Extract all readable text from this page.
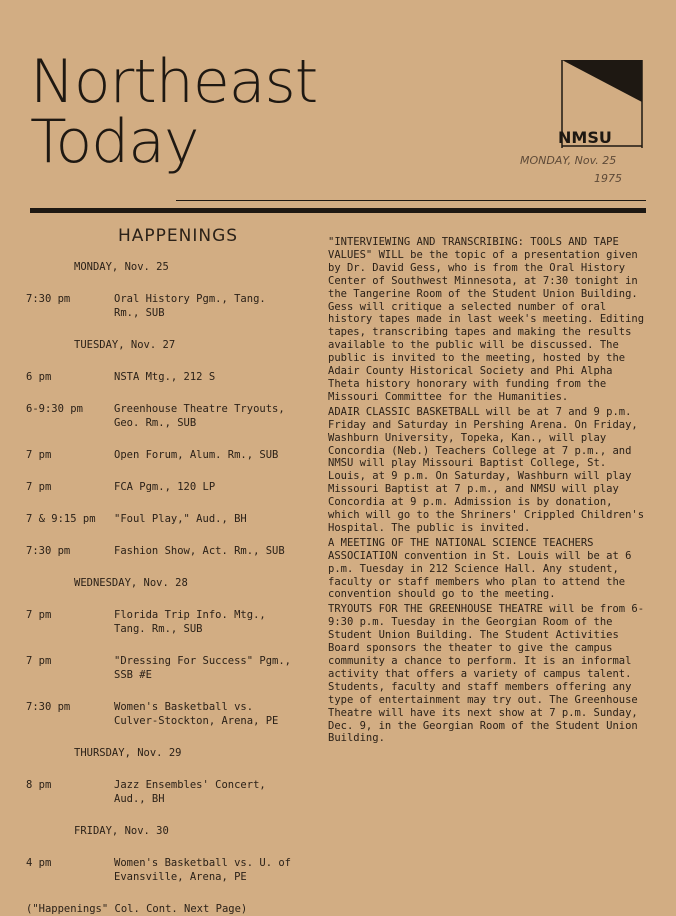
Northeast
Today	NMSU
MONDAY, Nov. 25
1975
HAPPENINGS
MONDAY, Nov. 25
7:30 pm	Oral History Pgm., Tang.
Rm., SUB
TUESDAY, Nov. 27
6 pm	NSTA Mtg., 212 S
6-9:30 pm	Greenhouse Theatre Tryouts,
Geo. Rm., SUB
7 pm	Open Forum, Alum. Rm., SUB
7 pm	FCA Pgm., 120 LP
7 & 9:15 pm	"Foul Play," Aud., BH
7:30 pm	Fashion Show, Act. Rm., SUB
WEDNESDAY, Nov. 28
7 pm	Florida Trip Info. Mtg.,
Tang. Rm., SUB
7 pm	"Dressing For Success" Pgm.,
SSB #E
7:30 pm	Women's Basketball vs.
Culver-Stockton, Arena, PE
THURSDAY, Nov. 29
8 pm	Jazz Ensembles' Concert,
Aud., BH
FRIDAY, Nov. 30
4 pm	Women's Basketball vs. U. of
Evansville, Arena, PE
("Happenings" Col. Cont. Next Page)

"INTERVIEWING AND TRANSCRIBING: TOOLS AND TAPE VALUES" WILL be the topic of a presentation given by Dr. David Gess, who is from the Oral History Center of Southwest Minnesota, at 7:30 tonight in the Tangerine Room of the Student Union Building. Gess will critique a selected number of oral history tapes made in last week's meeting. Editing tapes, transcribing tapes and making the results available to the public will be discussed. The public is invited to the meeting, hosted by the Adair County Historical Society and Phi Alpha Theta history honorary with funding from the Missouri Committee for the Humanities.

ADAIR CLASSIC BASKETBALL will be at 7 and 9 p.m. Friday and Saturday in Pershing Arena. On Friday, Washburn University, Topeka, Kan., will play Concordia (Neb.) Teachers College at 7 p.m., and NMSU will play Missouri Baptist College, St. Louis, at 9 p.m. On Saturday, Washburn will play Missouri Baptist at 7 p.m., and NMSU will play Concordia at 9 p.m. Admission is by donation, which will go to the Shriners' Crippled Children's Hospital. The public is invited.

A MEETING OF THE NATIONAL SCIENCE TEACHERS ASSOCIATION convention in St. Louis will be at 6 p.m. Tuesday in 212 Science Hall. Any student, faculty or staff members who plan to attend the convention should go to the meeting.

TRYOUTS FOR THE GREENHOUSE THEATRE will be from 6-9:30 p.m. Tuesday in the Georgian Room of the Student Union Building. The Student Activities Board sponsors the theater to give the campus community a chance to perform. It is an informal activity that offers a variety of campus talent. Students, faculty and staff members offering any type of entertainment may try out. The Greenhouse Theatre will have its next show at 7 p.m. Sunday, Dec. 9, in the Georgian Room of the Student Union Building.
